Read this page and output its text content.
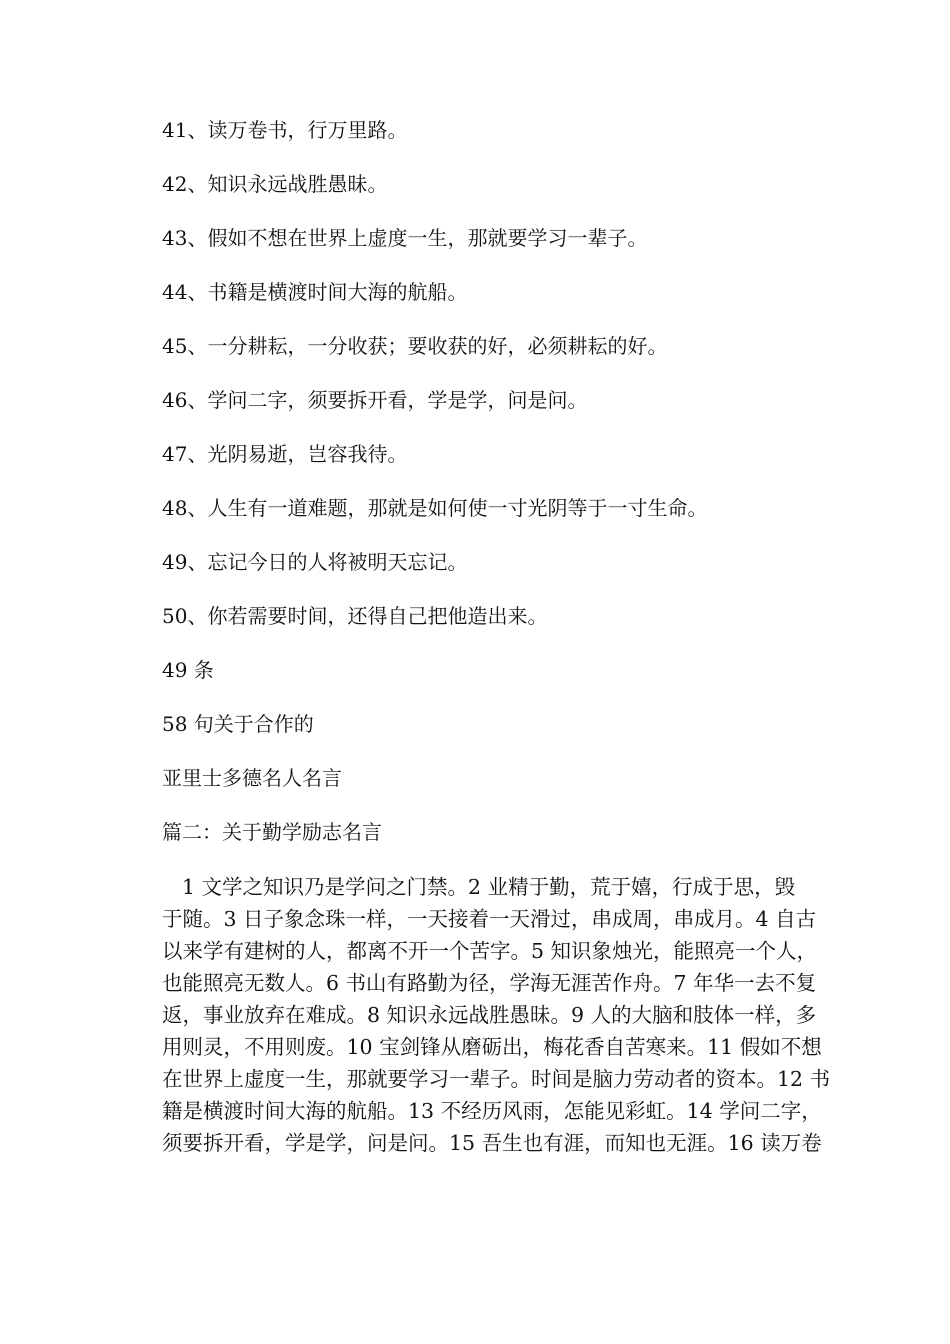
41、读万卷书，行万里路。
42、知识永远战胜愚昧。
43、假如不想在世界上虚度一生，那就要学习一辈子。
44、书籍是横渡时间大海的航船。
45、一分耕耘，一分收获；要收获的好，必须耕耘的好。
46、学问二字，须要拆开看，学是学，问是问。
47、光阴易逝，岂容我待。
48、人生有一道难题，那就是如何使一寸光阴等于一寸生命。
49、忘记今日的人将被明天忘记。
50、你若需要时间，还得自己把他造出来。
49 条
58 句关于合作的
亚里士多德名人名言
篇二：关于勤学励志名言
1 文学之知识乃是学问之门禁。2 业精于勤，荒于嬉，行成于思，毁
于随。3 日子象念珠一样，一天接着一天滑过，串成周，串成月。4 自古
以来学有建树的人，都离不开一个苦字。5 知识象烛光，能照亮一个人，
也能照亮无数人。6 书山有路勤为径，学海无涯苦作舟。7 年华一去不复
返，事业放弃在难成。8 知识永远战胜愚昧。9 人的大脑和肢体一样，多
用则灵，不用则废。10 宝剑锋从磨砺出，梅花香自苦寒来。11 假如不想
在世界上虚度一生，那就要学习一辈子。时间是脑力劳动者的资本。12 书
籍是横渡时间大海的航船。13 不经历风雨，怎能见彩虹。14 学问二字，
须要拆开看，学是学，问是问。15 吾生也有涯，而知也无涯。16 读万卷
